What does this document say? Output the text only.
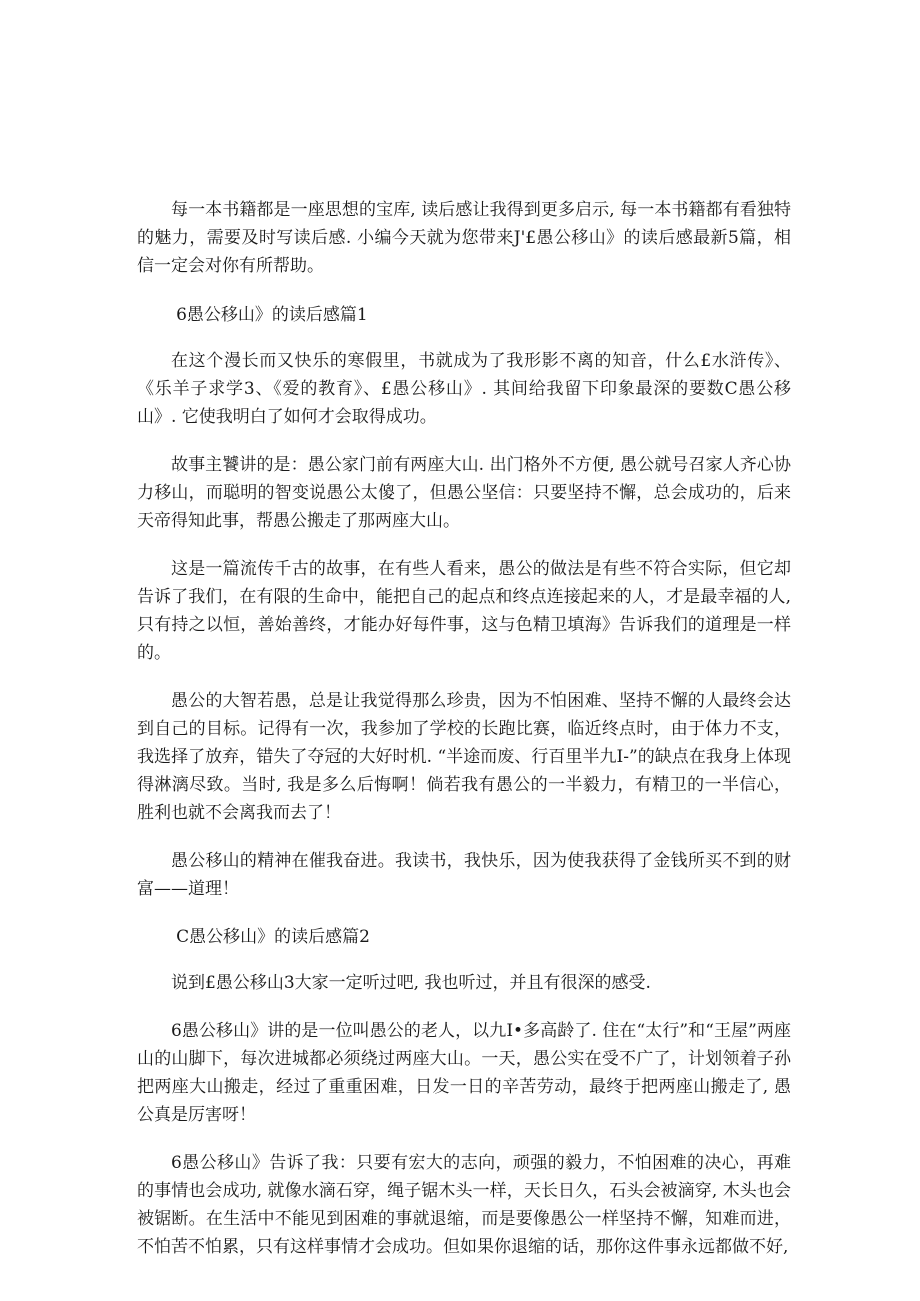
每一本书籍都是一座思想的宝库, 读后感让我得到更多启示, 每一本书籍都有看独特的魅力，需要及时写读后感. 小编今天就为您带来J'£愚公移山》的读后感最新5篇，相信一定会对你有所帮助。

6愚公移山》的读后感篇1

在这个漫长而又快乐的寒假里，书就成为了我形影不离的知音，什么£水浒传》、《乐羊子求学3、《爱的教育》、£愚公移山》. 其间给我留下印象最深的要数C愚公移山》. 它使我明白了如何才会取得成功。

故事主饕讲的是：愚公家门前有两座大山. 出门格外不方便, 愚公就号召家人齐心协力移山，而聪明的智变说愚公太傻了，但愚公坚信：只要坚持不懈，总会成功的，后来天帝得知此事，帮愚公搬走了那两座大山。

这是一篇流传千古的故事，在有些人看来，愚公的做法是有些不符合实际，但它却告诉了我们，在有限的生命中，能把自己的起点和终点连接起来的人，才是最幸福的人, 只有持之以恒，善始善终，才能办好每件事，这与色精卫填海》告诉我们的道理是一样的。

愚公的大智若愚，总是让我觉得那么珍贵，因为不怕困难、坚持不懈的人最终会达到自己的目标。记得有一次，我参加了学校的长跑比赛，临近终点时，由于体力不支，我选择了放弃，错失了夺冠的大好时机. “半途而废、行百里半九I-”的缺点在我身上体现得淋漓尽致。当时, 我是多么后悔啊！倘若我有愚公的一半毅力，有精卫的一半信心，胜利也就不会离我而去了！

愚公移山的精神在催我奋进。我读书，我快乐，因为使我获得了金钱所买不到的财富——道理！

C愚公移山》的读后感篇2

说到£愚公移山3大家一定听过吧, 我也听过，并且有很深的感受.

6愚公移山》讲的是一位叫愚公的老人，以九I•多高龄了. 住在“太行”和“王屋”两座山的山脚下，每次进城都必须绕过两座大山。一天，愚公实在受不广了，计划领着子孙把两座大山搬走，经过了重重困难，日发一日的辛苦劳动，最终于把两座山搬走了, 愚公真是厉害呀！

6愚公移山》告诉了我：只要有宏大的志向，顽强的毅力，不怕困难的决心，再难的事情也会成功, 就像水滴石穿，绳子锯木头一样，天长日久，石头会被滴穿, 木头也会被锯断。在生活中不能见到困难的事就退缩，而是要像愚公一样坚持不懈，知难而进，不怕苦不怕累，只有这样事情才会成功。但如果你退缩的话，那你这件事永远都做不好,
